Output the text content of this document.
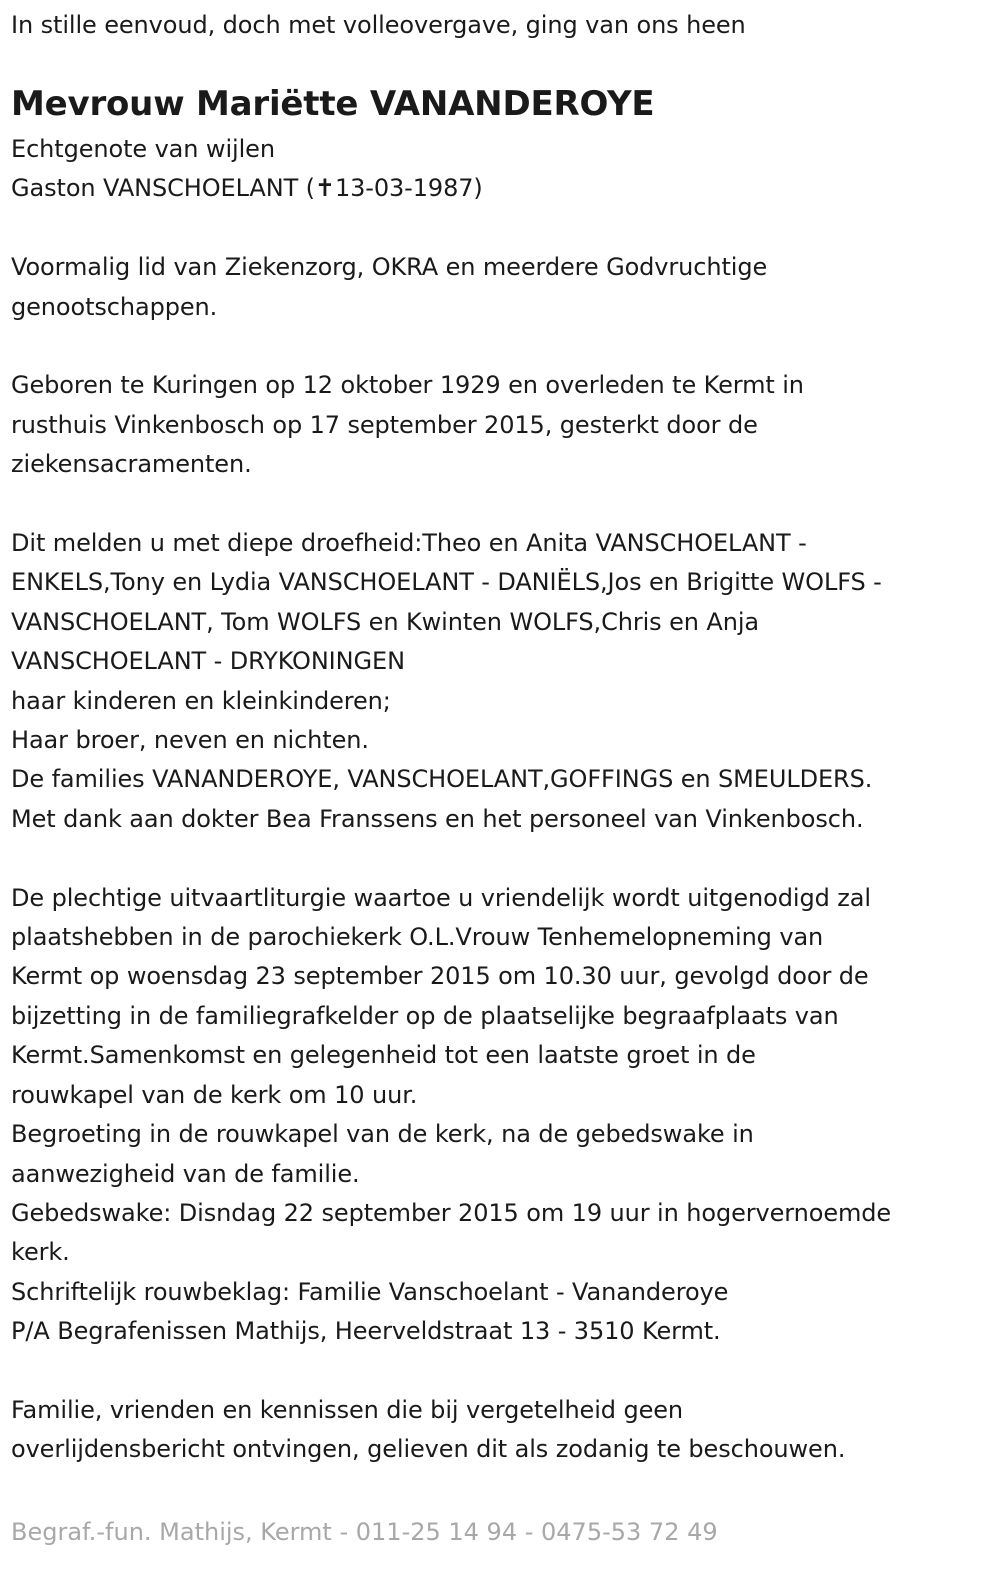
In stille eenvoud, doch met volleovergave, ging van ons heen
Mevrouw Mariëtte VANANDEROYE
Echtgenote van wijlen
Gaston VANSCHOELANT (✝13-03-1987)
Voormalig lid van Ziekenzorg, OKRA en meerdere Godvruchtige
genootschappen.
Geboren te Kuringen op 12 oktober 1929 en overleden te Kermt in
rusthuis Vinkenbosch op 17 september 2015, gesterkt door de
ziekensacramenten.
Dit melden u met diepe droefheid:Theo en Anita VANSCHOELANT -
ENKELS,Tony en Lydia VANSCHOELANT - DANIËLS,Jos en Brigitte WOLFS -
VANSCHOELANT, Tom WOLFS en Kwinten WOLFS,Chris en Anja
VANSCHOELANT - DRYKONINGEN
haar kinderen en kleinkinderen;
Haar broer, neven en nichten.
De families VANANDEROYE, VANSCHOELANT,GOFFINGS en SMEULDERS.
Met dank aan dokter Bea Franssens en het personeel van Vinkenbosch.
De plechtige uitvaartliturgie waartoe u vriendelijk wordt uitgenodigd zal
plaatshebben in de parochiekerk O.L.Vrouw Tenhemelopneming van
Kermt op woensdag 23 september 2015 om 10.30 uur, gevolgd door de
bijzetting in de familiegrafkelder op de plaatselijke begraafplaats van
Kermt.Samenkomst en gelegenheid tot een laatste groet in de
rouwkapel van de kerk om 10 uur.
Begroeting in de rouwkapel van de kerk, na de gebedswake in
aanwezigheid van de familie.
Gebedswake: Disndag 22 september 2015 om 19 uur in hogervernoemde
kerk.
Schriftelijk rouwbeklag: Familie Vanschoelant - Vananderoye
P/A Begrafenissen Mathijs, Heerveldstraat 13 - 3510 Kermt.
Familie, vrienden en kennissen die bij vergetelheid geen
overlijdensbericht ontvingen, gelieven dit als zodanig te beschouwen.
Begraf.-fun. Mathijs, Kermt - 011-25 14 94 - 0475-53 72 49
